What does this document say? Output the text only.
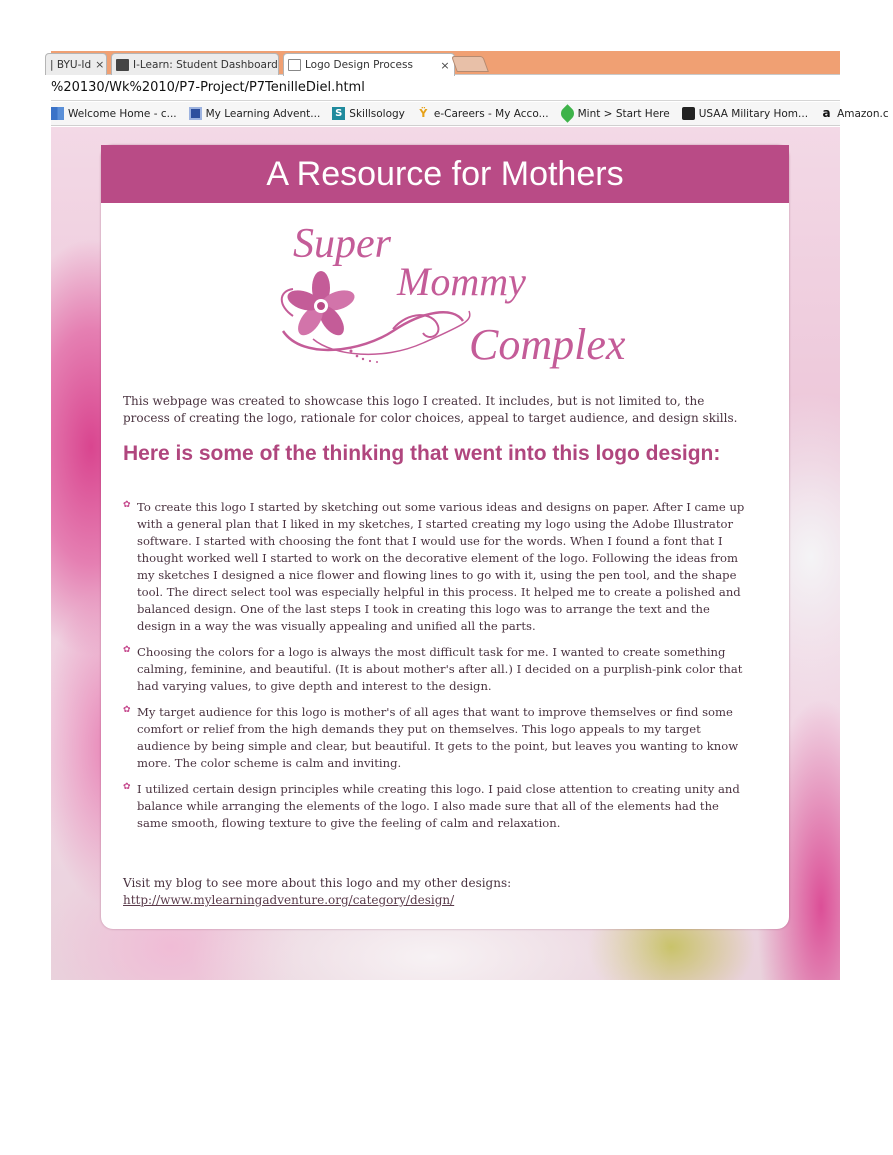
| BYU-Id ×	I-Learn: Student Dashboard	Logo Design Process	×
%20130/Wk%2010/P7-Project/P7TenilleDiel.html
Welcome Home - c...	My Learning Advent... S Skillsology Ÿ e-Careers - My Acco...	Mint > Start Here	USAA Military Hom... a Amazon.c
A Resource for Mothers
Super
Mommy
Complex

This webpage was created to showcase this logo I created. It includes, but is not limited to, the process of creating the logo, rationale for color choices, appeal to target audience, and design skills.

Here is some of the thinking that went into this logo design:
✿ To create this logo I started by sketching out some various ideas and designs on paper. After I came up with a general plan that I liked in my sketches, I started creating my logo using the Adobe Illustrator software. I started with choosing the font that I would use for the words. When I found a font that I thought worked well I started to work on the decorative element of the logo. Following the ideas from my sketches I designed a nice flower and flowing lines to go with it, using the pen tool, and the shape tool. The direct select tool was especially helpful in this process. It helped me to create a polished and balanced design. One of the last steps I took in creating this logo was to arrange the text and the design in a way the was visually appealing and unified all the parts.
✿ Choosing the colors for a logo is always the most difficult task for me. I wanted to create something calming, feminine, and beautiful. (It is about mother's after all.) I decided on a purplish-pink color that had varying values, to give depth and interest to the design.
✿ My target audience for this logo is mother's of all ages that want to improve themselves or find some comfort or relief from the high demands they put on themselves. This logo appeals to my target audience by being simple and clear, but beautiful. It gets to the point, but leaves you wanting to know more. The color scheme is calm and inviting.
✿ I utilized certain design principles while creating this logo. I paid close attention to creating unity and balance while arranging the elements of the logo. I also made sure that all of the elements had the same smooth, flowing texture to give the feeling of calm and relaxation.

Visit my blog to see more about this logo and my other designs:

http://www.mylearningadventure.org/category/design/
